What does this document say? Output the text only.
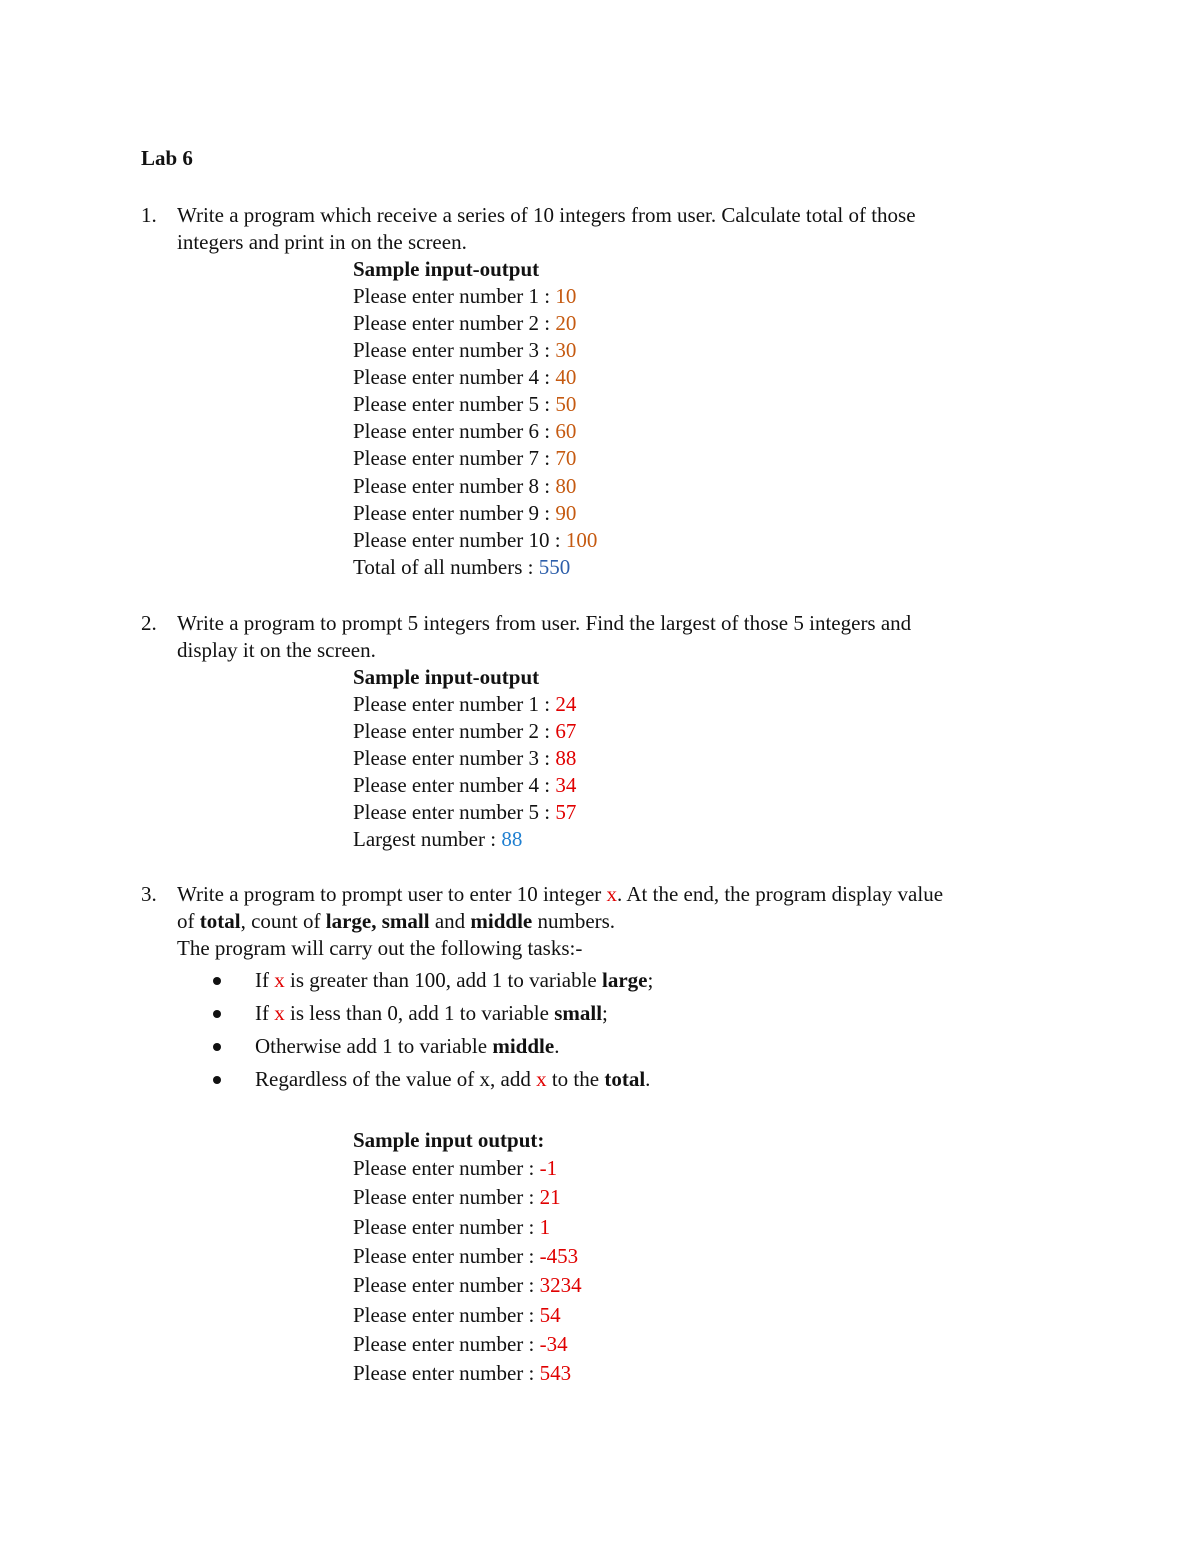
Lab 6
1. Write a program which receive a series of 10 integers from user. Calculate total of those
integers and print in on the screen.
Sample input-output
Please enter number 1 : 10
Please enter number 2 : 20
Please enter number 3 : 30
Please enter number 4 : 40
Please enter number 5 : 50
Please enter number 6 : 60
Please enter number 7 : 70
Please enter number 8 : 80
Please enter number 9 : 90
Please enter number 10 : 100
Total of all numbers : 550
2. Write a program to prompt 5 integers from user. Find the largest of those 5 integers and
display it on the screen.
Sample input-output
Please enter number 1 : 24
Please enter number 2 : 67
Please enter number 3 : 88
Please enter number 4 : 34
Please enter number 5 : 57
Largest number : 88
3. Write a program to prompt user to enter 10 integer x. At the end, the program display value
of total, count of large, small and middle numbers.
The program will carry out the following tasks:-
If x is greater than 100, add 1 to variable large;
If x is less than 0, add 1 to variable small;
Otherwise add 1 to variable middle.
Regardless of the value of x, add x to the total.
Sample input output:
Please enter number : -1
Please enter number : 21
Please enter number : 1
Please enter number : -453
Please enter number : 3234
Please enter number : 54
Please enter number : -34
Please enter number : 543
